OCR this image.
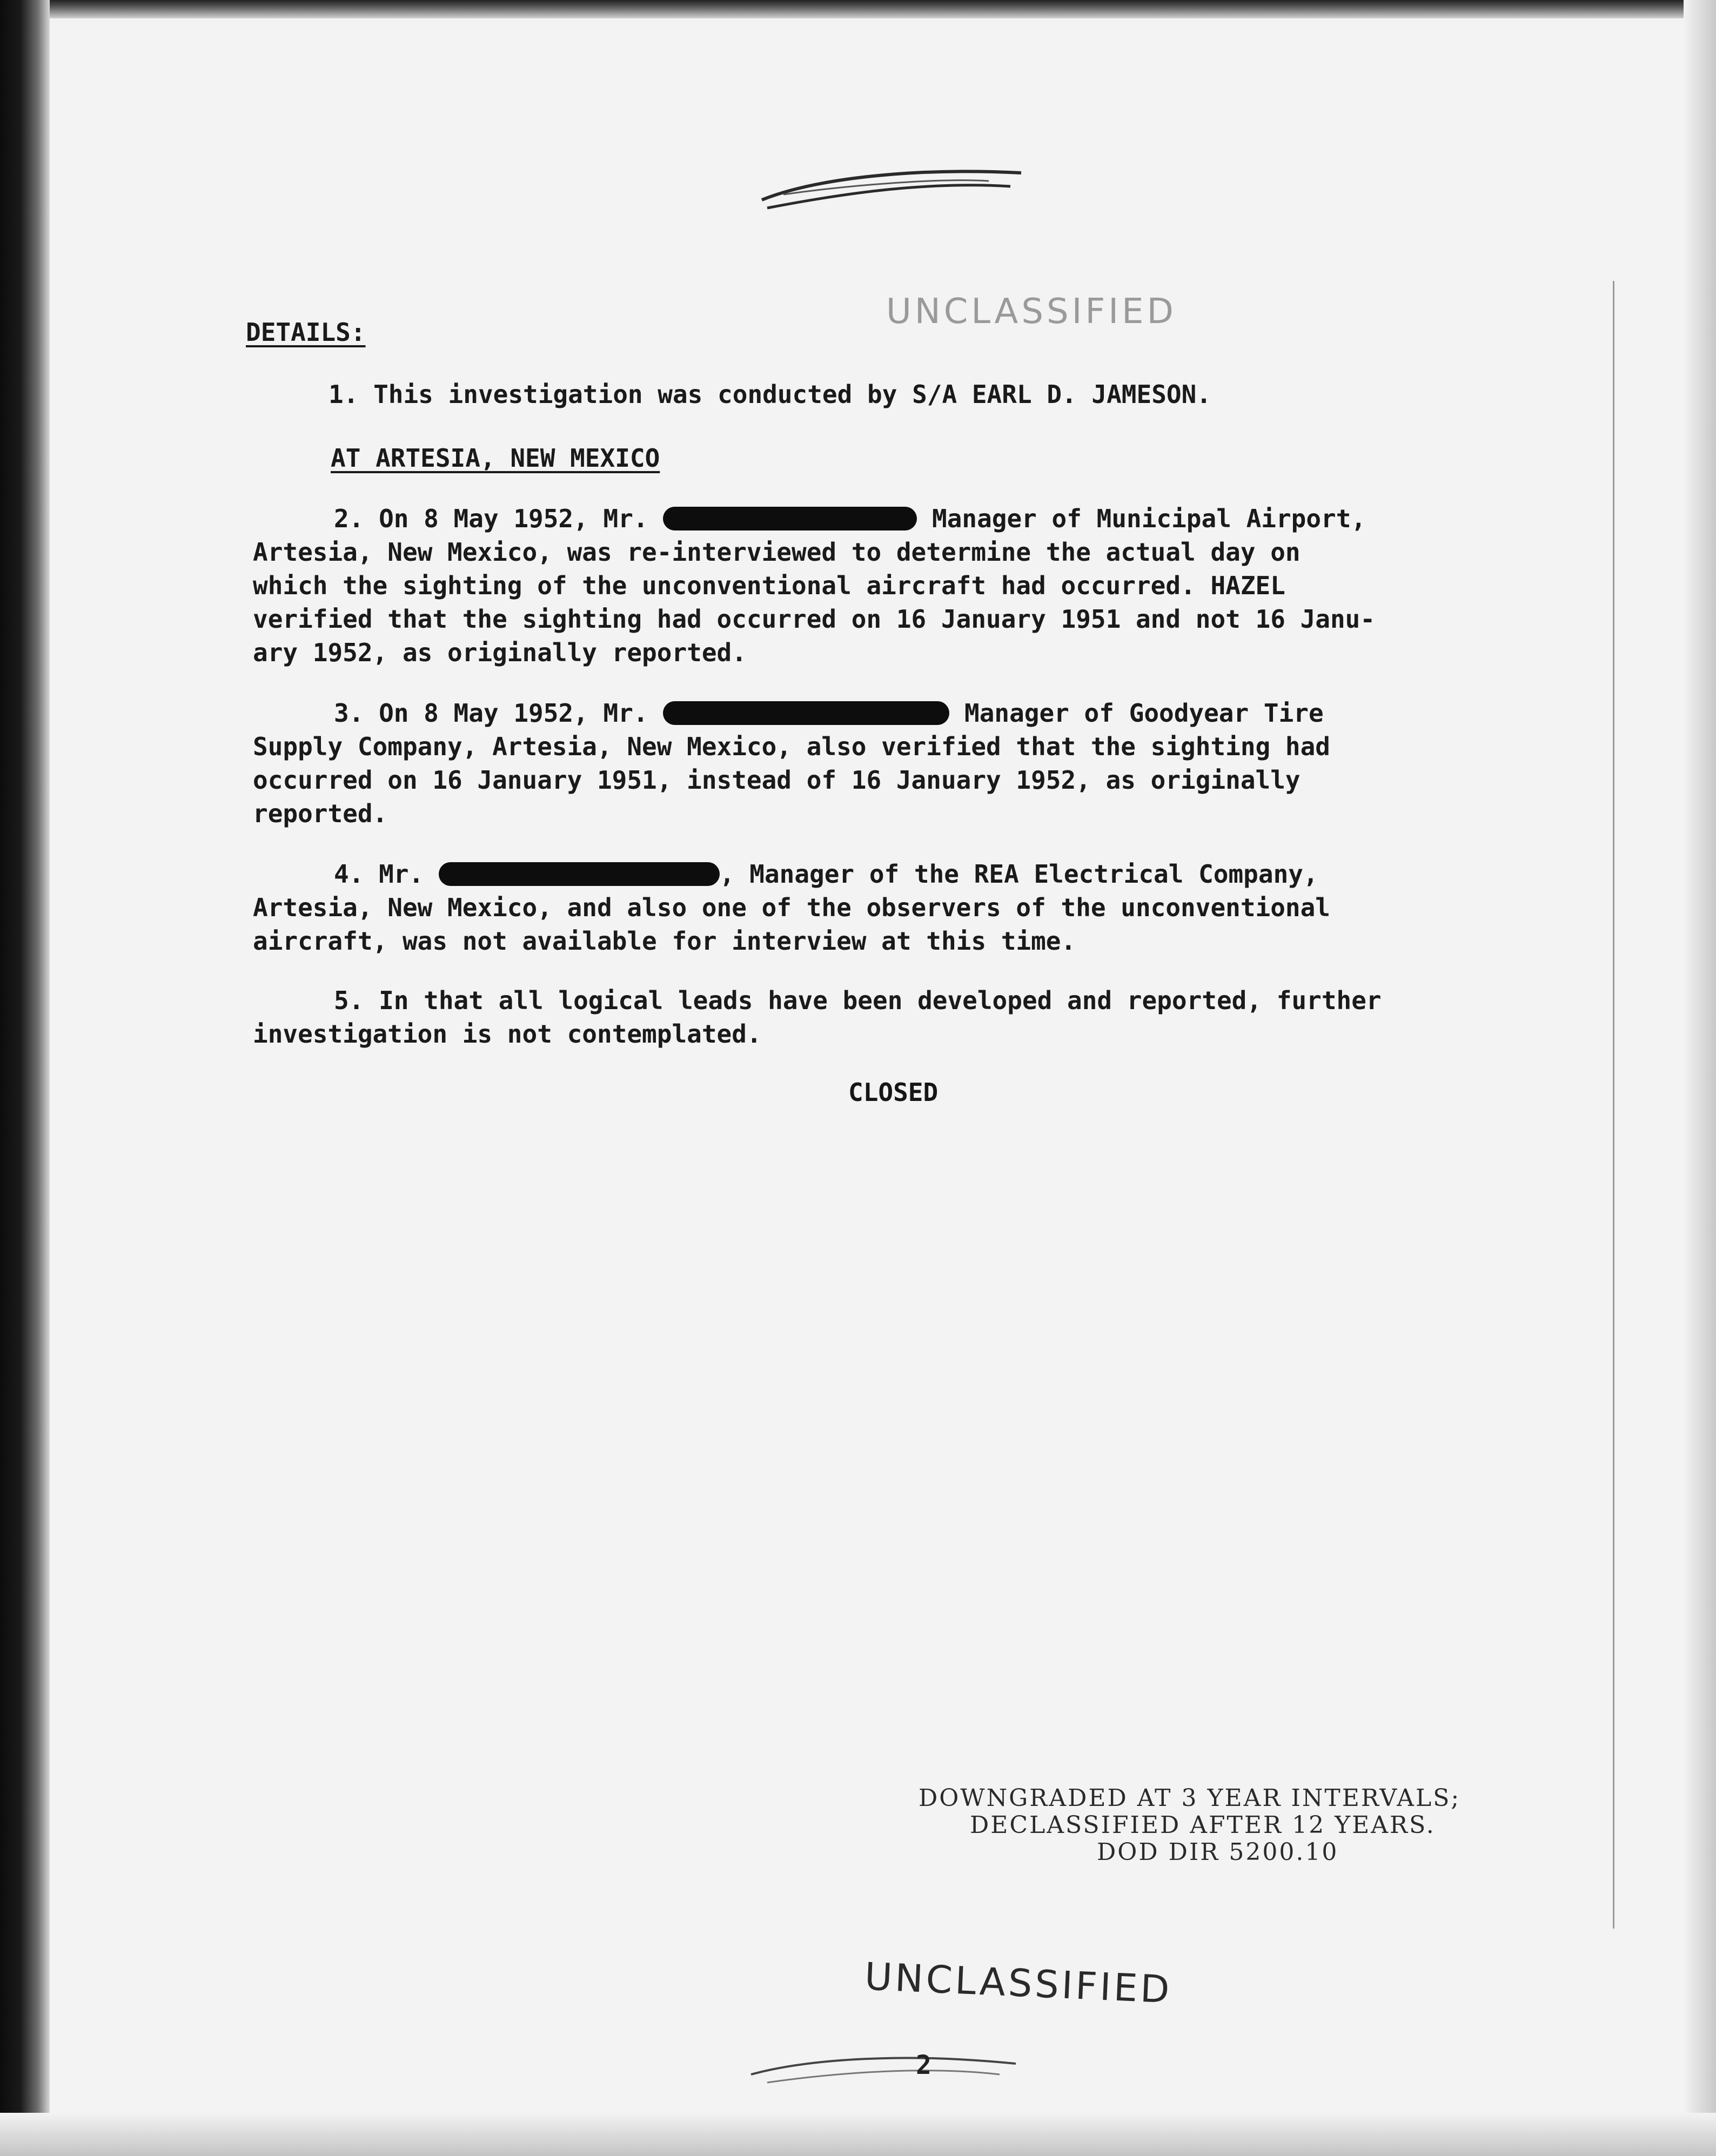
UNCLASSIFIED
DETAILS:
1. This investigation was conducted by S/A EARL D. JAMESON.
AT ARTESIA, NEW MEXICO
2. On 8 May 1952, Mr.	Manager of Municipal Airport,
Artesia, New Mexico, was re-interviewed to determine the actual day on
which the sighting of the unconventional aircraft had occurred. HAZEL
verified that the sighting had occurred on 16 January 1951 and not 16 Janu-
ary 1952, as originally reported.
3. On 8 May 1952, Mr.	Manager of Goodyear Tire
Supply Company, Artesia, New Mexico, also verified that the sighting had
occurred on 16 January 1951, instead of 16 January 1952, as originally
reported.
4. Mr.	, Manager of the REA Electrical Company,
Artesia, New Mexico, and also one of the observers of the unconventional
aircraft, was not available for interview at this time.
5. In that all logical leads have been developed and reported, further
investigation is not contemplated.
CLOSED
DOWNGRADED AT 3 YEAR INTERVALS;
DECLASSIFIED AFTER 12 YEARS.
DOD DIR 5200.10
UNCLASSIFIED
2
